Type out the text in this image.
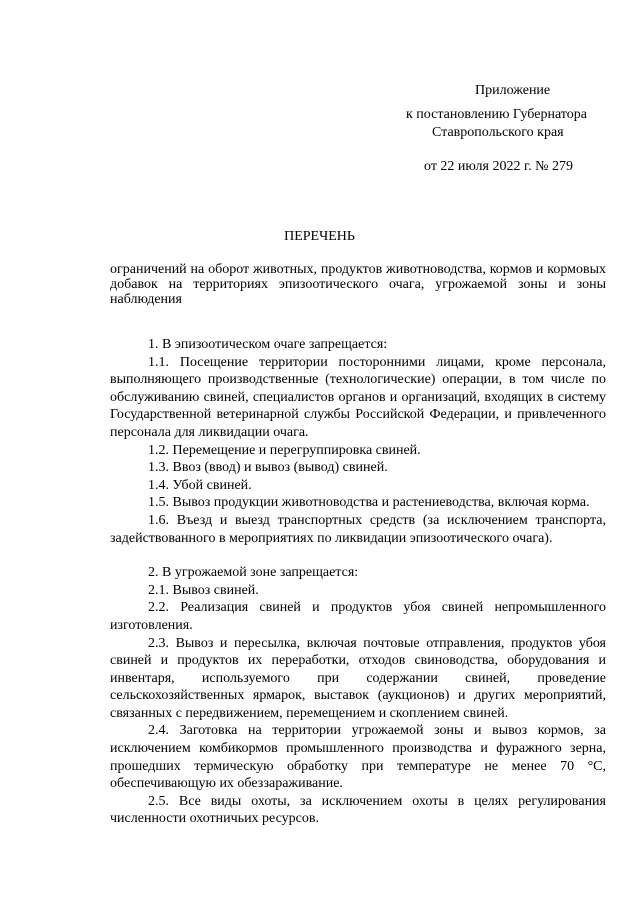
Приложение
к постановлению Губернатора
Ставропольского края
от 22 июля 2022 г. № 279
ПЕРЕЧЕНЬ
ограничений на оборот животных, продуктов животноводства, кормов и кормовых добавок на территориях эпизоотического очага, угрожаемой зоны и зоны наблюдения

1. В эпизоотическом очаге запрещается:

1.1. Посещение территории посторонними лицами, кроме персонала, выполняющего производственные (технологические) операции, в том числе по обслуживанию свиней, специалистов органов и организаций, входящих в систему Государственной ветеринарной службы Российской Федерации, и привлеченного персонала для ликвидации очага.

1.2. Перемещение и перегруппировка свиней.

1.3. Ввоз (ввод) и вывоз (вывод) свиней.

1.4. Убой свиней.

1.5. Вывоз продукции животноводства и растениеводства, включая корма.

1.6. Въезд и выезд транспортных средств (за исключением транспорта, задействованного в мероприятиях по ликвидации эпизоотического очага).

2. В угрожаемой зоне запрещается:

2.1. Вывоз свиней.

2.2. Реализация свиней и продуктов убоя свиней непромышленного изготовления.

2.3. Вывоз и пересылка, включая почтовые отправления, продуктов убоя свиней и продуктов их переработки, отходов свиноводства, оборудования и инвентаря, используемого при содержании свиней, проведение сельскохозяйственных ярмарок, выставок (аукционов) и других мероприятий, связанных с передвижением, перемещением и скоплением свиней.

2.4. Заготовка на территории угрожаемой зоны и вывоз кормов, за исключением комбикормов промышленного производства и фуражного зерна, прошедших термическую обработку при температуре не менее 70 °C, обеспечивающую их обеззараживание.

2.5. Все виды охоты, за исключением охоты в целях регулирования численности охотничьих ресурсов.
